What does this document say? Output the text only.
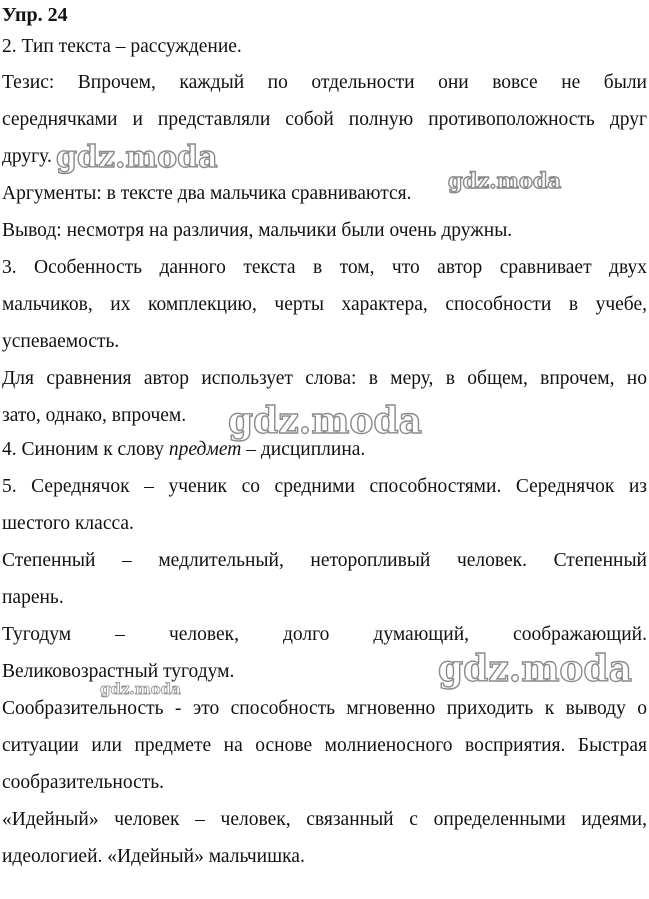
Упр. 24
2. Тип текста – рассуждение.
Тезис: Впрочем, каждый по отдельности они вовсе не были
середнячками и представляли собой полную противоположность друг
другу.
Аргументы: в тексте два мальчика сравниваются.
Вывод: несмотря на различия, мальчики были очень дружны.
3. Особенность данного текста в том, что автор сравнивает двух
мальчиков, их комплекцию, черты характера, способности в учебе,
успеваемость.
Для сравнения автор использует слова: в меру, в общем, впрочем, но
зато, однако, впрочем.
4. Синоним к слову предмет – дисциплина.
5. Середнячок – ученик со средними способностями. Середнячок из
шестого класса.
Степенный – медлительный, неторопливый человек. Степенный
парень.
Тугодум – человек, долго думающий, соображающий.
Великовозрастный тугодум.
Сообразительность - это способность мгновенно приходить к выводу о
ситуации или предмете на основе молниеносного восприятия. Быстрая
сообразительность.
«Идейный» человек – человек, связанный с определенными идеями,
идеологией. «Идейный» мальчишка.
gdz.moda
gdz.moda
gdz.moda
gdz.moda
gdz.moda
